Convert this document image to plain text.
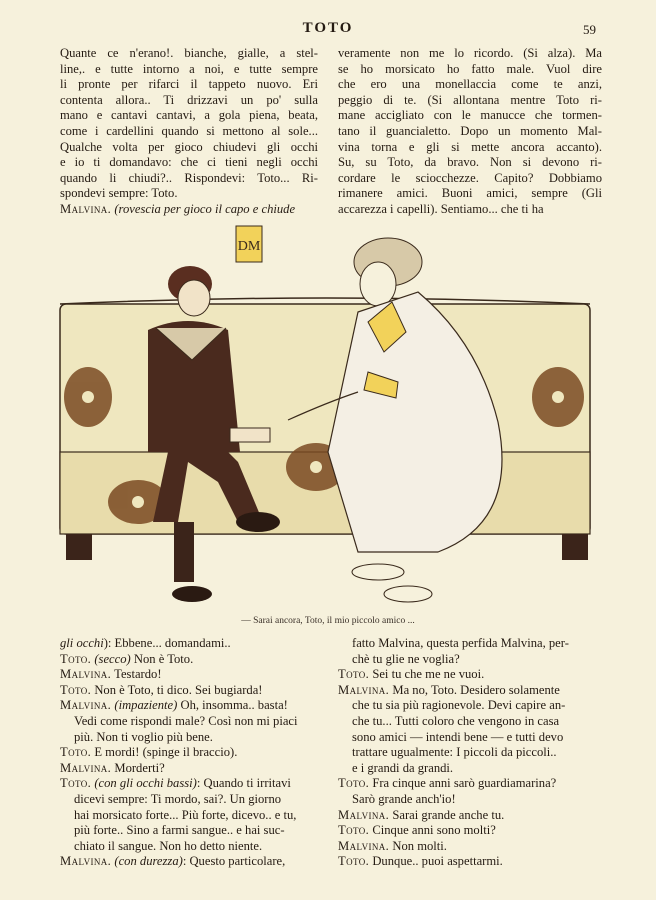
TOTO	59
Quante ce n'erano!. bianche, gialle, a stel-
line,. e tutte intorno a noi, e tutte sempre
li pronte per rifarci il tappeto nuovo. Eri
contenta allora.. Ti drizzavi un po' sulla
mano e cantavi cantavi, a gola piena, beata,
come i cardellini quando si mettono al sole...
Qualche volta per gioco chiudevi gli occhi
e io ti domandavo: che ci tieni negli occhi
quando li chiudi?.. Rispondevi: Toto... Ri-
spondevi sempre: Toto.
Malvina. (rovescia per gioco il capo e chiude
veramente non me lo ricordo. (Si alza). Ma
se ho morsicato ho fatto male. Vuol dire
che ero una monellaccia come te anzi,
peggio di te. (Si allontana mentre Toto ri-
mane accigliato con le manucce che tormen-
tano il guancialetto. Dopo un momento Mal-
vina torna e gli si mette ancora accanto).
Su, su Toto, da bravo. Non si devono ri-
cordare le sciocchezze. Capito? Dobbiamo
rimanere amici. Buoni amici, sempre (Gli
accarezza i capelli). Sentiamo... che ti ha
DM
— Sarai ancora, Toto, il mio piccolo amico ...
gli occhi): Ebbene... domandami..
Toto. (secco) Non è Toto.
Malvina. Testardo!
Toto. Non è Toto, ti dico. Sei bugiarda!
Malvina. (impaziente) Oh, insomma.. basta!
Vedi come rispondi male? Così non mi piaci
più. Non ti voglio più bene.
Toto. E mordi! (spinge il braccio).
Malvina. Morderti?
Toto. (con gli occhi bassi): Quando ti irritavi
dicevi sempre: Ti mordo, sai?. Un giorno
hai morsicato forte... Più forte, dicevo.. e tu,
più forte.. Sino a farmi sangue.. e hai suc-
chiato il sangue. Non ho detto niente.
Malvina. (con durezza): Questo particolare,
fatto Malvina, questa perfida Malvina, per-
chè tu glie ne voglia?
Toto. Sei tu che me ne vuoi.
Malvina. Ma no, Toto. Desidero solamente
che tu sia più ragionevole. Devi capire an-
che tu... Tutti coloro che vengono in casa
sono amici — intendi bene — e tutti devo
trattare ugualmente: I piccoli da piccoli..
e i grandi da grandi.
Toto. Fra cinque anni sarò guardiamarina?
Sarò grande anch'io!
Malvina. Sarai grande anche tu.
Toto. Cinque anni sono molti?
Malvina. Non molti.
Toto. Dunque.. puoi aspettarmi.
